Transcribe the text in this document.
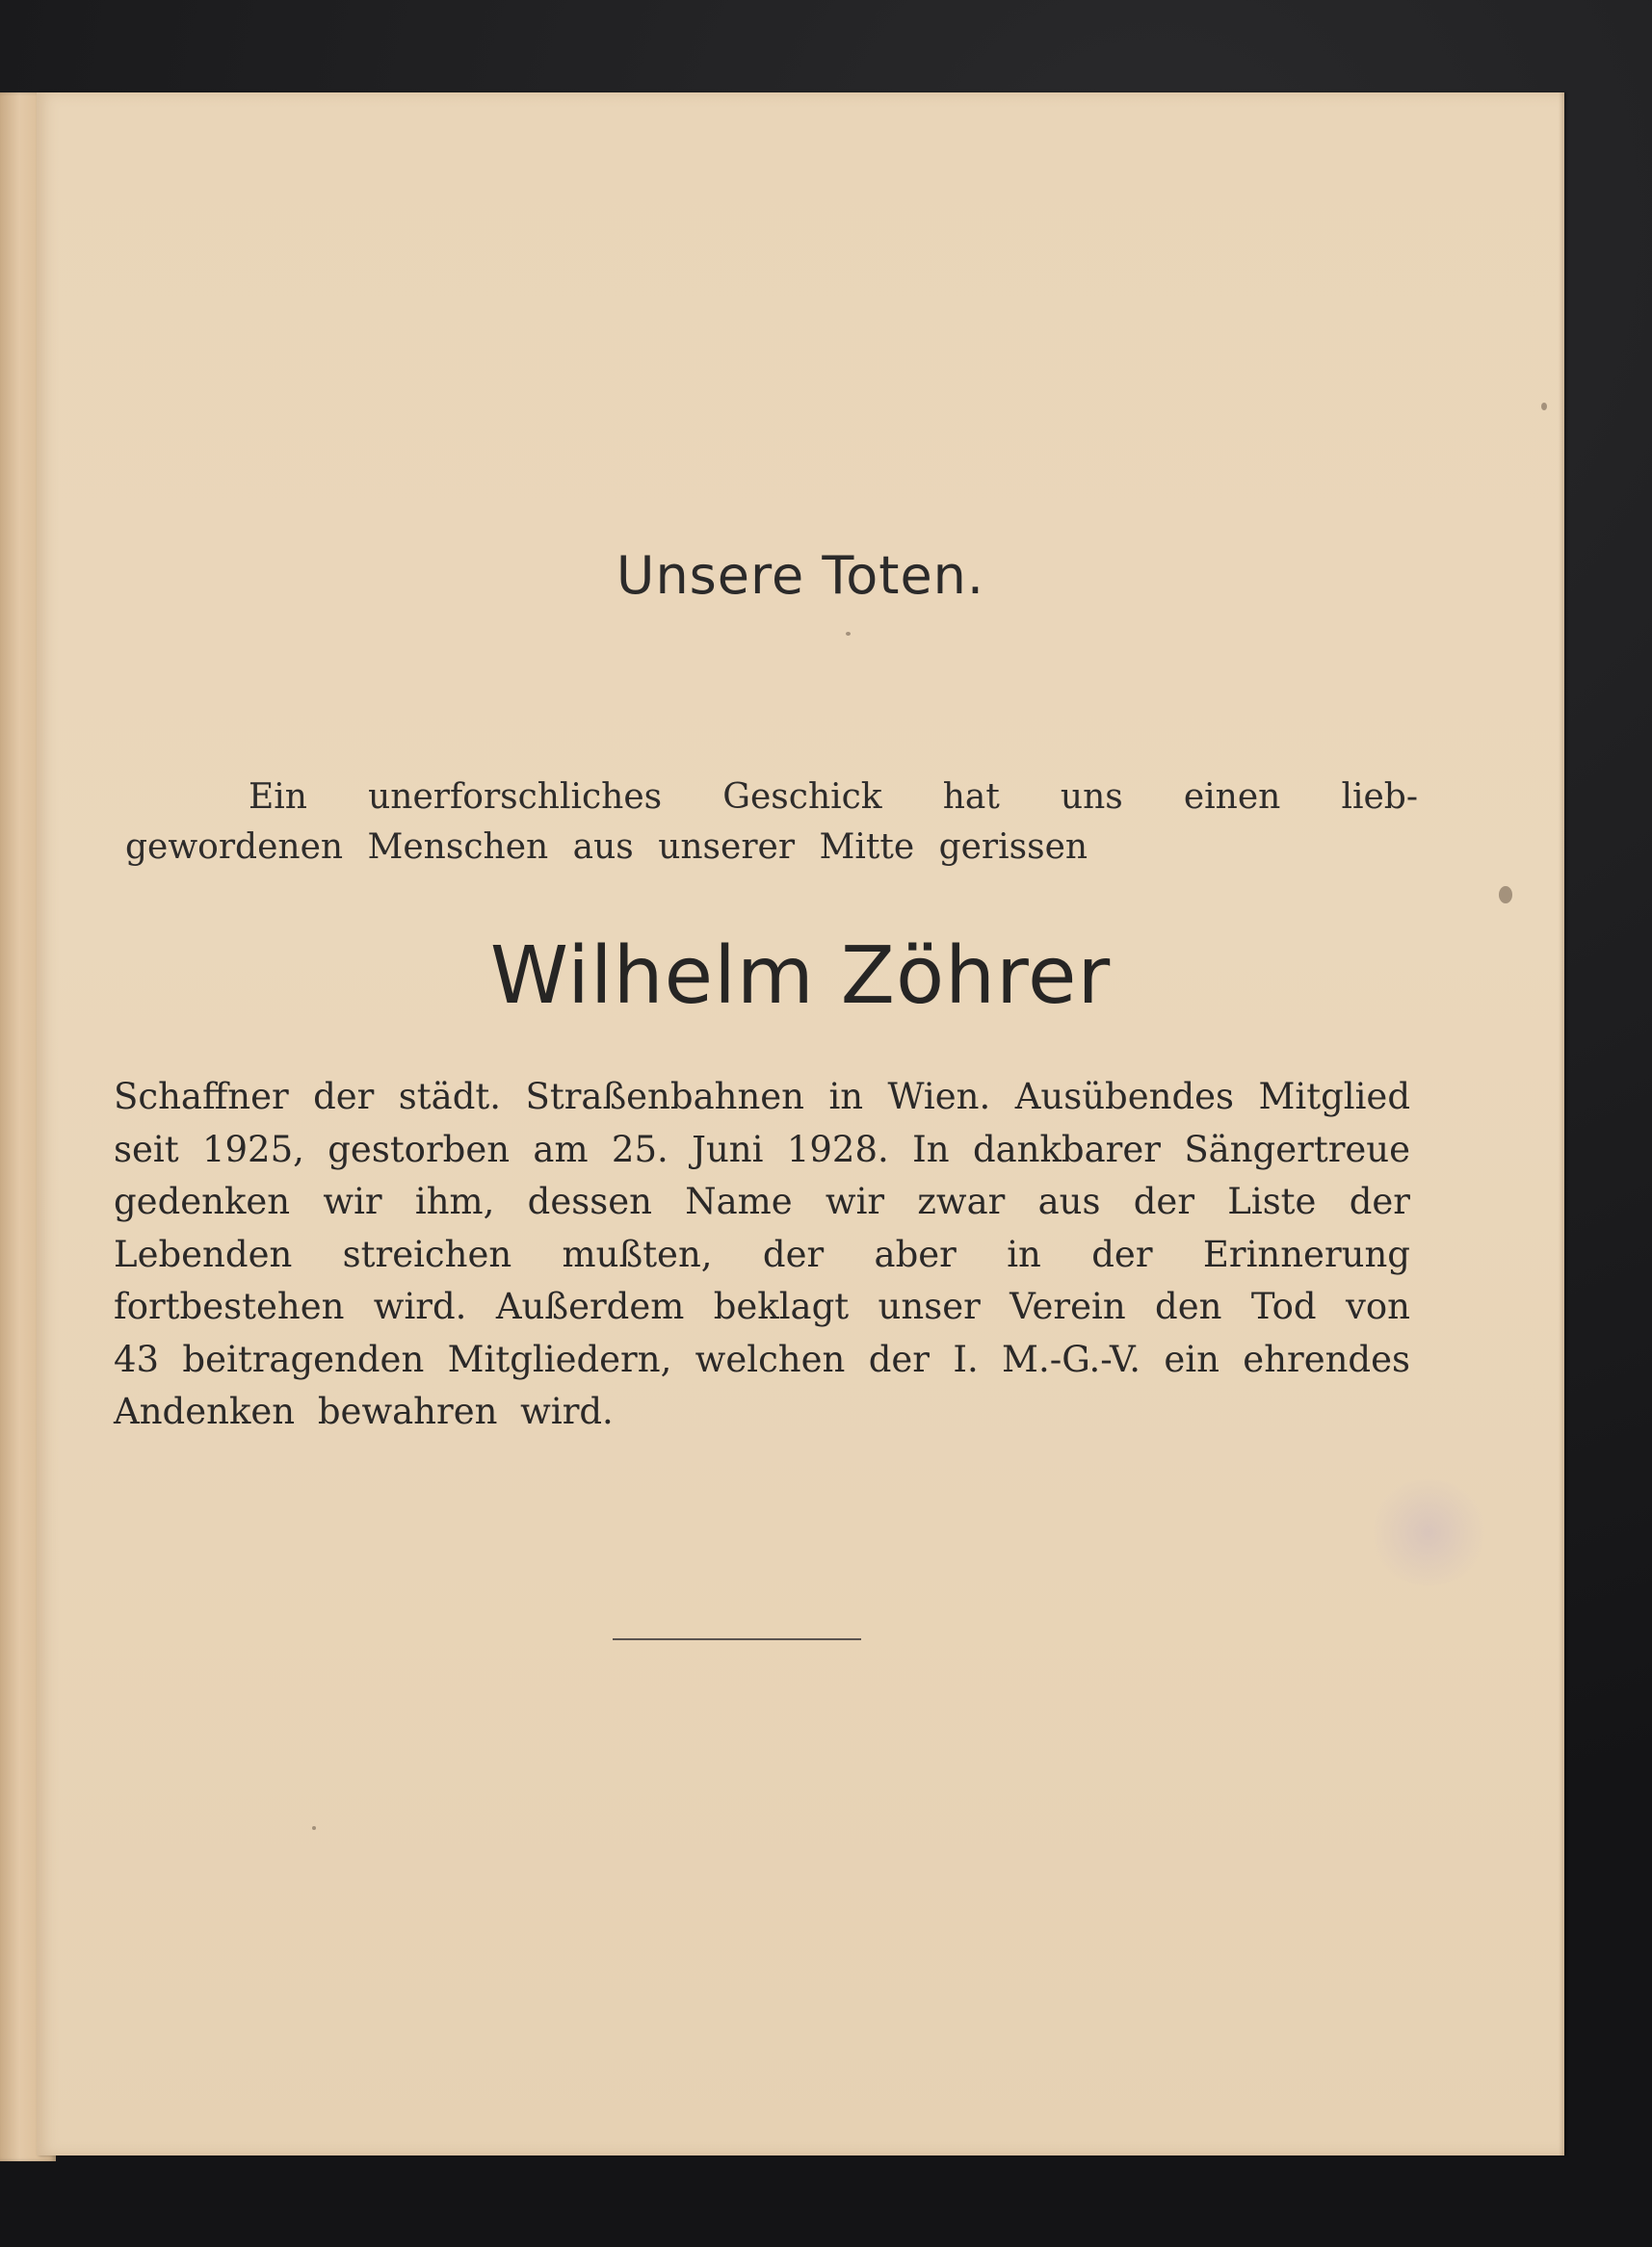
Unsere Toten.

Ein unerforschliches Geschick hat uns einen lieb-gewordenen Menschen aus unserer Mitte gerissen

Wilhelm Zöhrer

Schaffner der städt. Straßenbahnen in Wien. Ausübendes Mitglied seit 1925, gestorben am 25. Juni 1928. In dankbarer Sängertreue gedenken wir ihm, dessen Name wir zwar aus der Liste der Lebenden streichen mußten, der aber in der Erinnerung fortbestehen wird. Außerdem beklagt unser Verein den Tod von 43 beitragenden Mitgliedern, welchen der I. M.-G.-V. ein ehrendes Andenken bewahren wird.
